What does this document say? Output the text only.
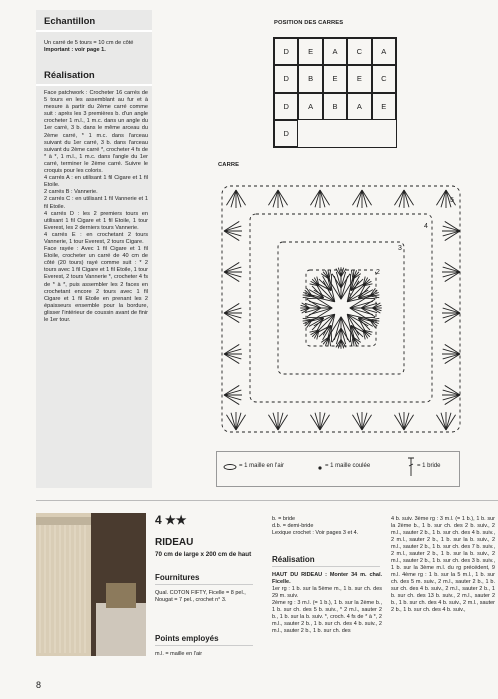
Echantillon
Un carré de 5 tours = 10 cm de côté
Important : voir page 1.
Réalisation
Face patchwork : Crocheter 16 carrés de 5 tours en les assemblant au fur et à mesure à partir du 2ème carré comme suit : après les 3 premières b. d'un angle crocheter 1 m.l., 1 m.c. dans un angle du 1er carré, 3 b. dans le même arceau du 2ème carré, * 1 m.c. dans l'arceau suivant du 1er carré, 3 b. dans l'arceau suivant du 2ème carré *, crocheter 4 fs de * à *, 1 m.l., 1 m.c. dans l'angle du 1er carré, terminer le 2ème carré. Suivre le croquis pour les coloris.
4 carrés A : en utilisant 1 fil Cigare et 1 fil Etoile.
2 carrés B : Vannerie.
2 carrés C : en utilisant 1 fil Vannerie et 1 fil Etoile.
4 carrés D : les 2 premiers tours en utilisant 1 fil Cigare et 1 fil Etoile, 1 tour Everest, les 2 derniers tours Vannerie.
4 carrés E : en crochetant 2 tours Vannerie, 1 tour Everest, 2 tours Cigare.
Face rayée : Avec 1 fil Cigare et 1 fil Etoile, crocheter un carré de 40 cm de côté (20 tours) rayé comme suit : * 2 tours avec 1 fil Cigare et 1 fil Etoile, 1 tour Everest, 2 tours Vannerie *, crocheter 4 fs de * à *, puis assembler les 2 faces en crochetant encore 2 tours avec 1 fil Cigare et 1 fil Etoile en prenant les 2 épaisseurs ensemble pour la bordure, glisser l'intérieur de coussin avant de finir le 1er tour.
POSITION DES CARRES
D	E	A	C	A
D	B	E	E	C
D	A	B	A	E
D
CARRE
1
2
3
4
5
= 1 maille en l'air	= 1 maille coulée	= 1 bride
4 ★★
RIDEAU
70 cm de large x 200 cm de haut
Fournitures
Qual. COTON FIFTY, Ficelle = 8 pel., Nougat = 7 pel., crochet n° 3.
Points employés
m.l. = maille en l'air
b. = bride
d.b. = demi-bride
Lexique crochet : Voir pages 3 et 4.
Réalisation
HAUT DU RIDEAU : Monter 34 m. chaî. Ficelle.
1er rg : 1 b. sur la 5ème m., 1 b. sur ch. des 29 m. suiv.
2ème rg : 3 m.l. (= 1 b.), 1 b. sur la 2ème b., 1 b. sur ch. des 5 b. suiv., * 2 m.l., sauter 2 b., 1 b. sur la b. suiv. *, croch. 4 fs de * à *, 2 m.l., sauter 2 b., 1 b. sur ch. des 4 b. suiv., 2 m.l., sauter 2 b., 1 b. sur ch. des
4 b. suiv. 3ème rg : 3 m.l. (= 1 b.), 1 b. sur la 2ème b., 1 b. sur ch. des 2 b. suiv., 2 m.l., sauter 2 b., 1 b. sur ch. des 4 b. suiv., 2 m.l., sauter 2 b., 1 b. sur la b. suiv., 2 m.l., sauter 2 b., 1 b. sur ch. des 7 b. suiv., 2 m.l., sauter 2 b., 1 b. sur la b. suiv., 2 m.l., sauter 2 b., 1 b. sur ch. des 3 b. suiv., 1 b. sur la 3ème m.l. du rg précédent, 9 m.l. 4ème rg : 1 b. sur la 5 m.l., 1 b. sur ch. des 5 m. suiv., 2 m.l., sauter 2 b., 1 b. sur ch. des 4 b. suiv., 2 m.l., sauter 2 b., 1 b. sur ch. des 13 b. suiv., 2 m.l., sauter 2 b., 1 b. sur ch. des 4 b. suiv., 2 m.l., sauter 2 b., 1 b. sur ch. des 4 b. suiv.,
8
